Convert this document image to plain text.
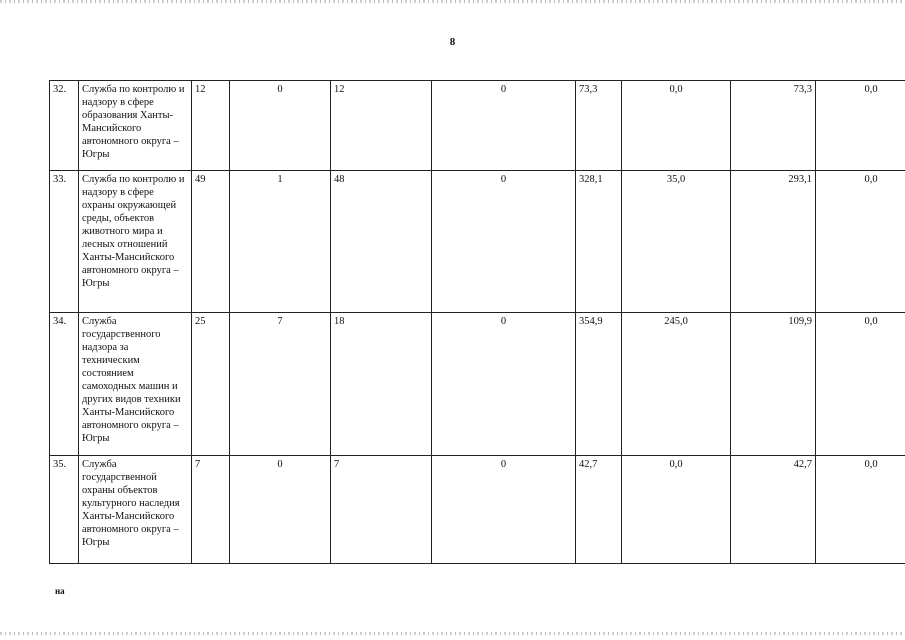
8
32.	Служба по контролю и надзору в сфере образования Ханты-Мансийского автономного округа – Югры	12	0	12	0	73,3	0,0	73,3	0,0
33.	Служба по контролю и надзору в сфере охраны окружающей среды, объектов животного мира и лесных отношений Ханты-Мансийского автономного округа – Югры	49	1	48	0	328,1	35,0	293,1	0,0
34.	Служба государственного надзора за техническим состоянием самоходных машин и других видов техники Ханты-Мансийского автономного округа – Югры	25	7	18	0	354,9	245,0	109,9	0,0
35.	Служба государственной охраны объектов культурного наследия Ханты-Мансийского автономного округа – Югры	7	0	7	0	42,7	0,0	42,7	0,0
на
